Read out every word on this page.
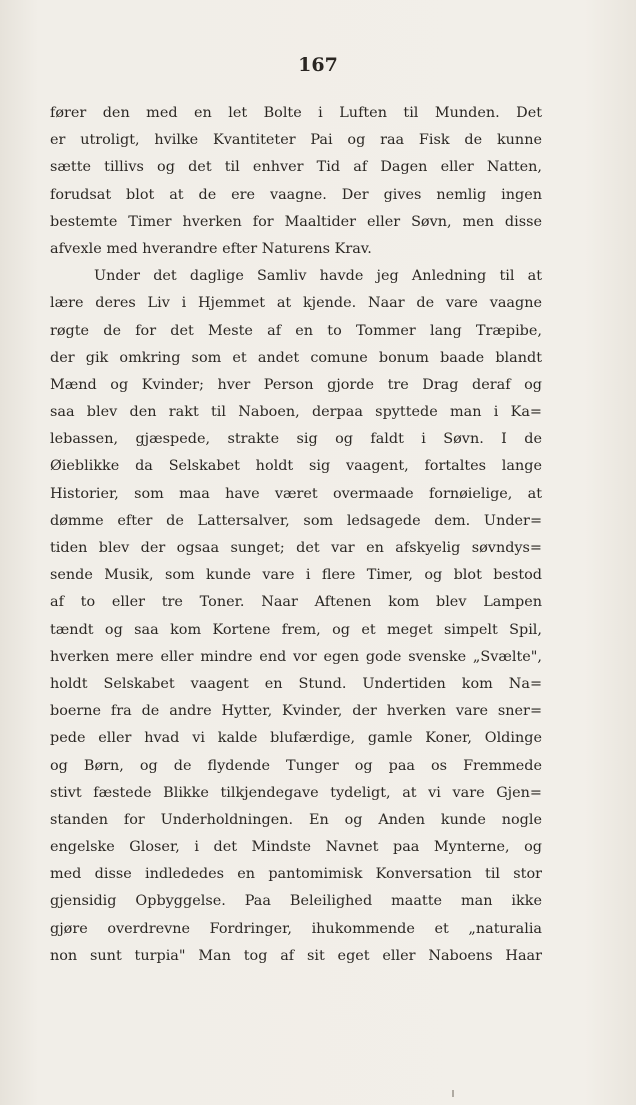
167
fører den med en let Bolte i Luften til Munden. Det
er utroligt, hvilke Kvantiteter Pai og raa Fisk de kunne
sætte tillivs og det til enhver Tid af Dagen eller Natten,
forudsat blot at de ere vaagne. Der gives nemlig ingen
bestemte Timer hverken for Maaltider eller Søvn, men disse
afvexle med hverandre efter Naturens Krav.
Under det daglige Samliv havde jeg Anledning til at
lære deres Liv i Hjemmet at kjende. Naar de vare vaagne
røgte de for det Meste af en to Tommer lang Træpibe,
der gik omkring som et andet comune bonum baade blandt
Mænd og Kvinder; hver Person gjorde tre Drag deraf og
saa blev den rakt til Naboen, derpaa spyttede man i Ka=
lebassen, gjæspede, strakte sig og faldt i Søvn. I de
Øieblikke da Selskabet holdt sig vaagent, fortaltes lange
Historier, som maa have været overmaade fornøielige, at
dømme efter de Lattersalver, som ledsagede dem. Under=
tiden blev der ogsaa sunget; det var en afskyelig søvndys=
sende Musik, som kunde vare i flere Timer, og blot bestod
af to eller tre Toner. Naar Aftenen kom blev Lampen
tændt og saa kom Kortene frem, og et meget simpelt Spil,
hverken mere eller mindre end vor egen gode svenske „Svælte",
holdt Selskabet vaagent en Stund. Undertiden kom Na=
boerne fra de andre Hytter, Kvinder, der hverken vare sner=
pede eller hvad vi kalde blufærdige, gamle Koner, Oldinge
og Børn, og de flydende Tunger og paa os Fremmede
stivt fæstede Blikke tilkjendegave tydeligt, at vi vare Gjen=
standen for Underholdningen. En og Anden kunde nogle
engelske Gloser, i det Mindste Navnet paa Mynterne, og
med disse indlededes en pantomimisk Konversation til stor
gjensidig Opbyggelse. Paa Beleilighed maatte man ikke
gjøre overdrevne Fordringer, ihukommende et „naturalia
non sunt turpia" Man tog af sit eget eller Naboens Haar
